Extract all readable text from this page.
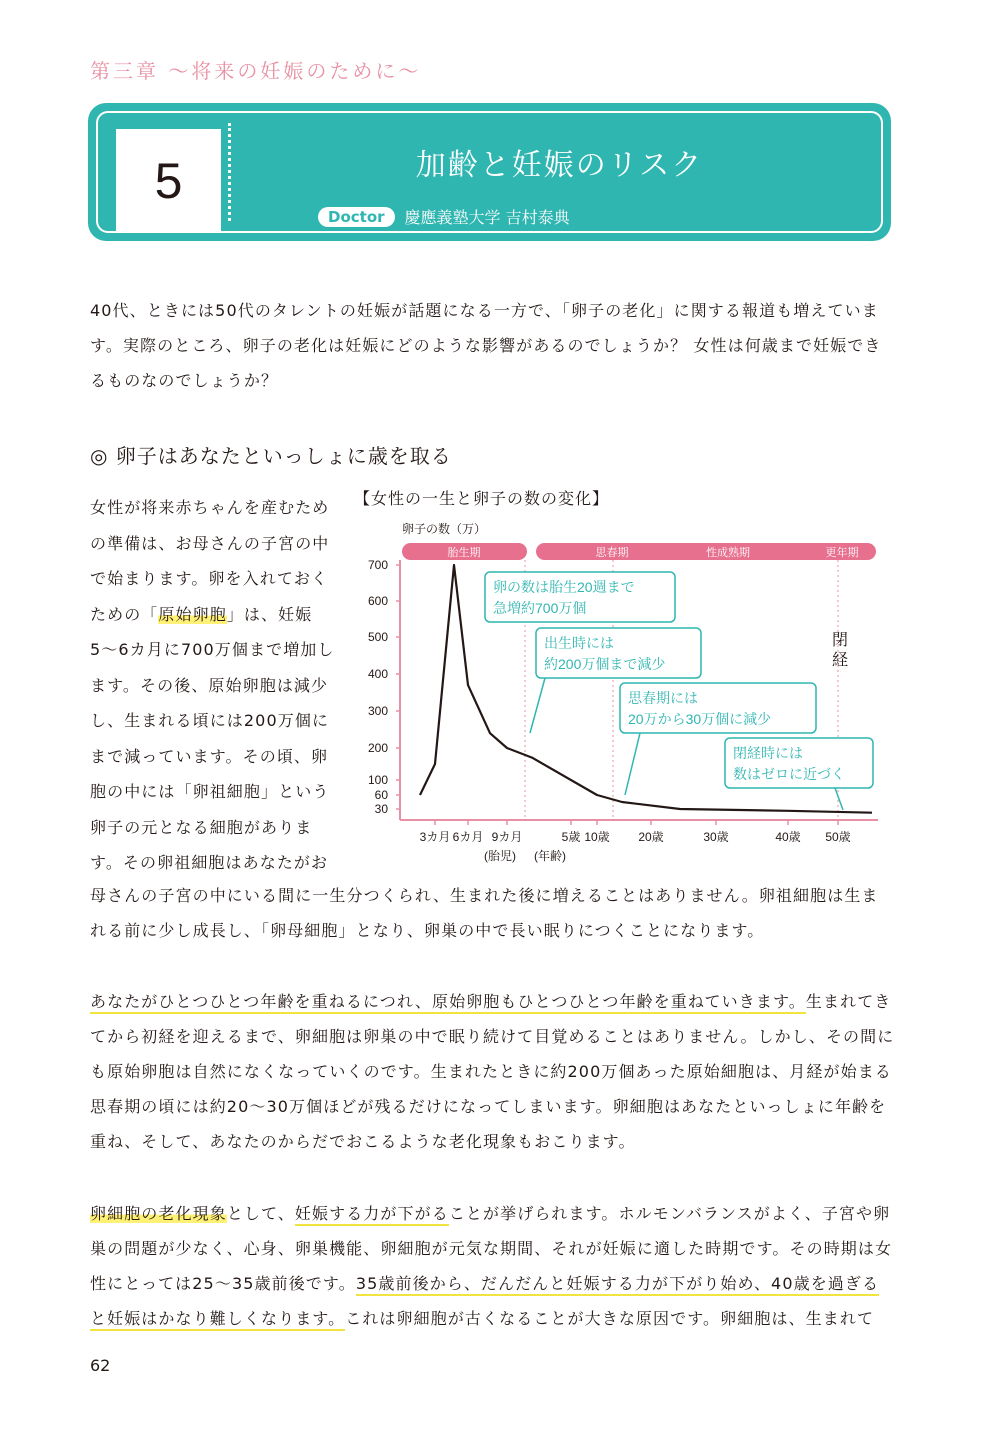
第三章 〜将来の妊娠のために〜
5	加齢と妊娠のリスク
Doctor	慶應義塾大学 吉村泰典

40代、ときには50代のタレントの妊娠が話題になる一方で、「卵子の老化」に関する報道も増えています。実際のところ、卵子の老化は妊娠にどのような影響があるのでしょうか？ 女性は何歳まで妊娠できるものなのでしょうか？

◎ 卵子はあなたといっしょに歳を取る

女性が将来赤ちゃんを産むための準備は、お母さんの子宮の中で始まります。卵を入れておくための「原始卵胞」は、妊娠5〜6カ月に700万個まで増加します。その後、原始卵胞は減少し、生まれる頃には200万個にまで減っています。その頃、卵胞の中には「卵祖細胞」という卵子の元となる細胞があります。その卵祖細胞はあなたがお

【女性の一生と卵子の数の変化】
胎生期	思春期	性成熟期	更年期
卵子の数（万）
30
60
100
200
300
400
500
600
700
3カ月 6カ月 9カ月	5歳 10歳 20歳	30歳	40歳 50歳
(胎児) (年齢)
閉
経
卵の数は胎生20週まで
急増約700万個
出生時には
約200万個まで減少
思春期には
20万から30万個に減少
閉経時には
数はゼロに近づく

母さんの子宮の中にいる間に一生分つくられ、生まれた後に増えることはありません。卵祖細胞は生まれる前に少し成長し、「卵母細胞」となり、卵巣の中で長い眠りにつくことになります。

あなたがひとつひとつ年齢を重ねるにつれ、原始卵胞もひとつひとつ年齢を重ねていきます。生まれてきてから初経を迎えるまで、卵細胞は卵巣の中で眠り続けて目覚めることはありません。しかし、その間にも原始卵胞は自然になくなっていくのです。生まれたときに約200万個あった原始細胞は、月経が始まる思春期の頃には約20〜30万個ほどが残るだけになってしまいます。卵細胞はあなたといっしょに年齢を重ね、そして、あなたのからだでおこるような老化現象もおこります。

卵細胞の老化現象として、妊娠する力が下がることが挙げられます。ホルモンバランスがよく、子宮や卵巣の問題が少なく、心身、卵巣機能、卵細胞が元気な期間、それが妊娠に適した時期です。その時期は女性にとっては25〜35歳前後です。35歳前後から、だんだんと妊娠する力が下がり始め、40歳を過ぎると妊娠はかなり難しくなります。これは卵細胞が古くなることが大きな原因です。卵細胞は、生まれて

62
